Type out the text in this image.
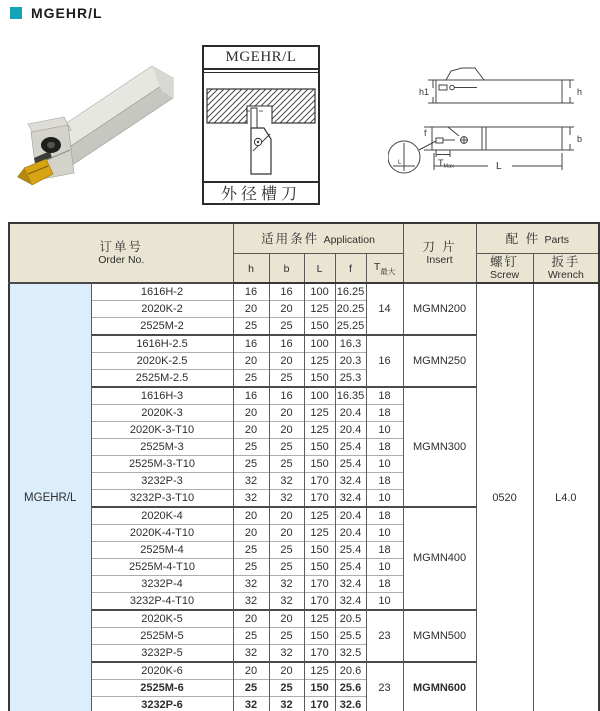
MGEHR/L
MGEHR/L
外径槽刀
h1	h
f
b
TMax	L
L
订单号
Order No.		适用条件 Application					刀 片
Insert	配 件 Parts	
		h	b	L	f	$T_{最大}$		螺钉
Screw	扳手
Wrench

MGEHR/L	1616H-2	16	16	100	16.25	14	MGMN200	0520	L4.0
	2020K-2	20	20	125	20.25				
	2525M-2	25	25	150	25.25				
	1616H-2.5	16	16	100	16.3	16	MGMN250		
	2020K-2.5	20	20	125	20.3				
	2525M-2.5	25	25	150	25.3				
	1616H-3	16	16	100	16.35	18	MGMN300		
	2020K-3	20	20	125	20.4	18			
	2020K-3-T10	20	20	125	20.4	10			
	2525M-3	25	25	150	25.4	18			
	2525M-3-T10	25	25	150	25.4	10			
	3232P-3	32	32	170	32.4	18			
	3232P-3-T10	32	32	170	32.4	10			
	2020K-4	20	20	125	20.4	18	MGMN400		
	2020K-4-T10	20	20	125	20.4	10			
	2525M-4	25	25	150	25.4	18			
	2525M-4-T10	25	25	150	25.4	10			
	3232P-4	32	32	170	32.4	18			
	3232P-4-T10	32	32	170	32.4	10			
	2020K-5	20	20	125	20.5	23	MGMN500		
	2525M-5	25	25	150	25.5				
	3232P-5	32	32	170	32.5				
	2020K-6	20	20	125	20.6	23	MGMN600		
	2525M-6	25	25	150	25.6				
	3232P-6	32	32	170	32.6				
